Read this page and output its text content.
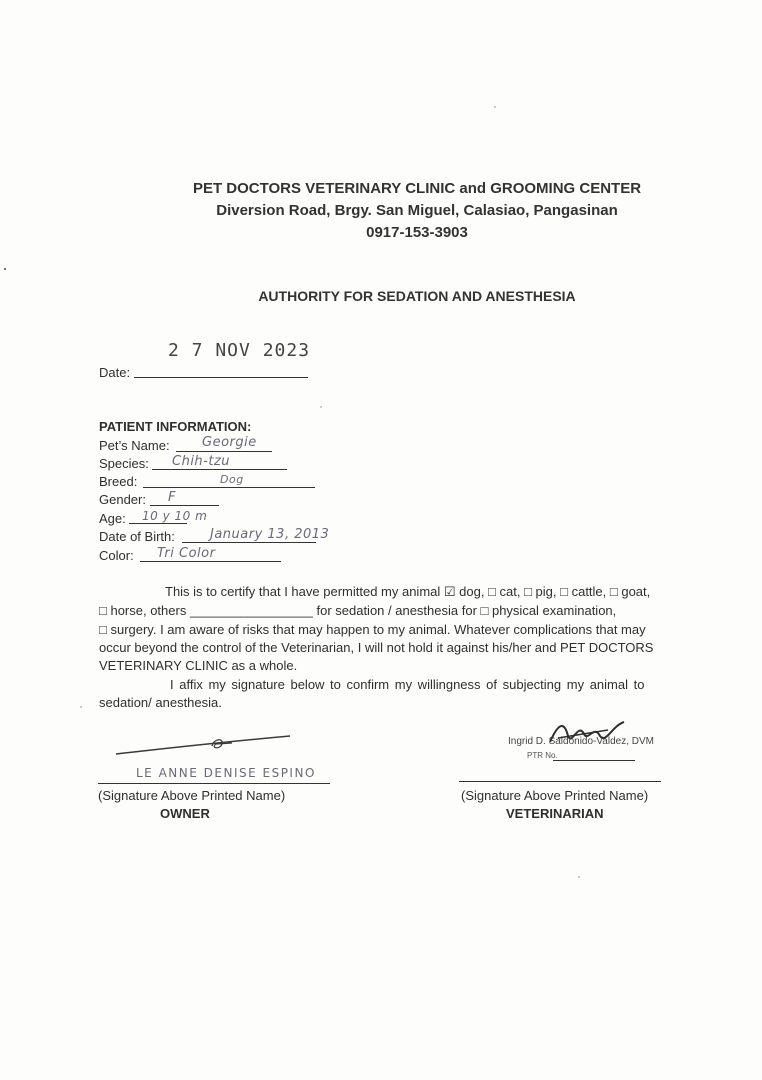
PET DOCTORS VETERINARY CLINIC and GROOMING CENTER
Diversion Road, Brgy. San Miguel, Calasiao, Pangasinan
0917-153-3903
AUTHORITY FOR SEDATION AND ANESTHESIA
2 7 NOV 2023
Date:
PATIENT INFORMATION:
Pet’s Name: Georgie
Species: Chih-tzu
Breed:	Dog
Gender: F
Age: 10 y 10 m
Date of Birth:	January 13, 2013
Color: Tri Color
This is to certify that I have permitted my animal ☑ dog, □ cat, □ pig, □ cattle, □ goat,
□ horse, others _________________ for sedation / anesthesia for □ physical examination,
□ surgery. I am aware of risks that may happen to my animal. Whatever complications that may
occur beyond the control of the Veterinarian, I will not hold it against his/her and PET DOCTORS
VETERINARY CLINIC as a whole.
I affix my signature below to confirm my willingness of subjecting my animal to
sedation/ anesthesia.
LE ANNE DENISE ESPINO
(Signature Above Printed Name)
OWNER
Ingrid D. Saldonido-Valdez, DVM
PTR No.
(Signature Above Printed Name)
VETERINARIAN
